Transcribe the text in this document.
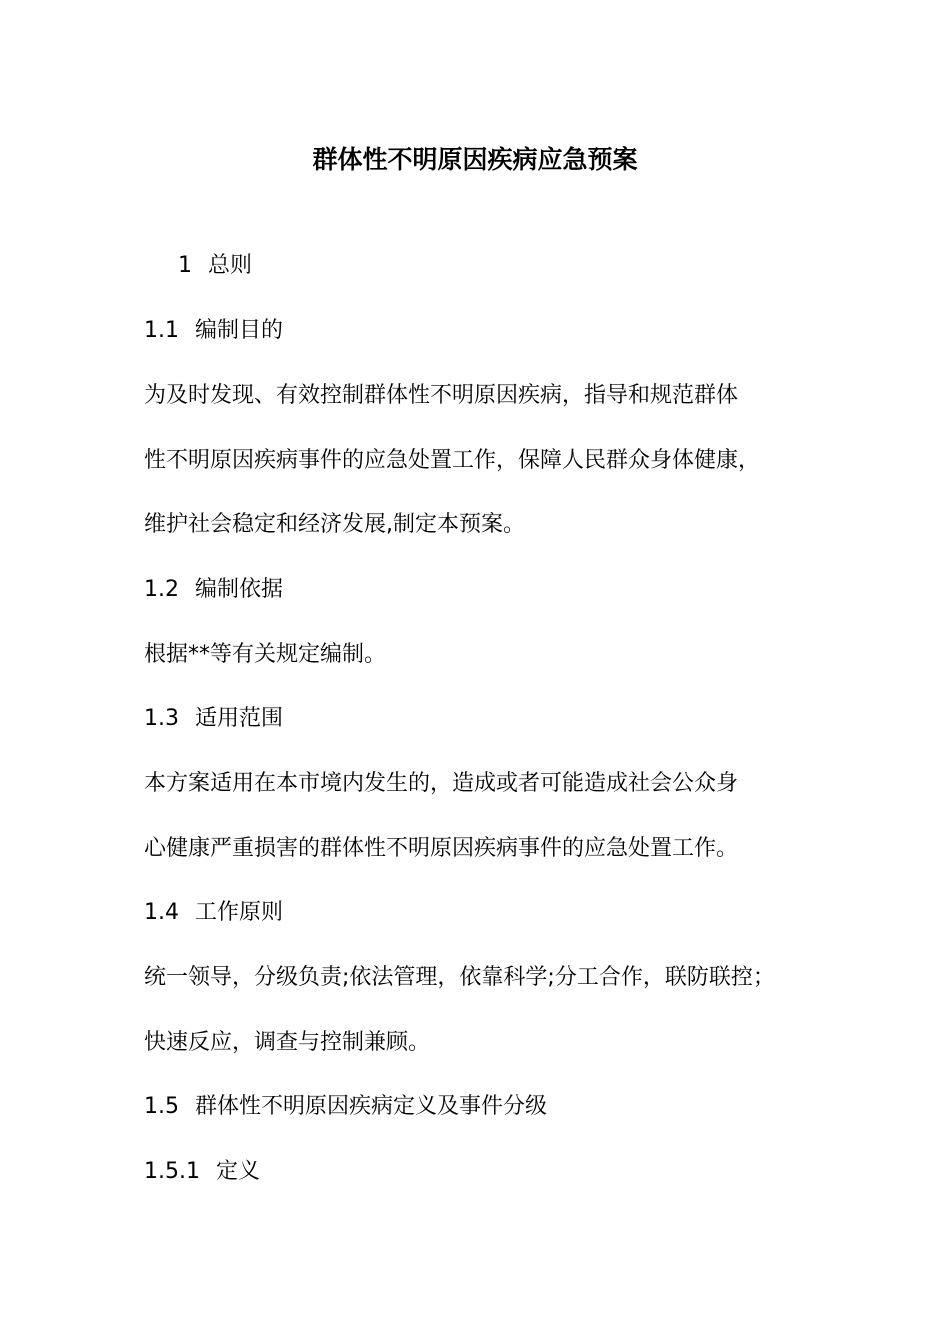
群体性不明原因疾病应急预案
1 总则
1.1 编制目的
为及时发现、有效控制群体性不明原因疾病，指导和规范群体
性不明原因疾病事件的应急处置工作，保障人民群众身体健康，
维护社会稳定和经济发展,制定本预案。
1.2 编制依据
根据**等有关规定编制。
1.3 适用范围
本方案适用在本市境内发生的，造成或者可能造成社会公众身
心健康严重损害的群体性不明原因疾病事件的应急处置工作。
1.4 工作原则
统一领导，分级负责;依法管理，依靠科学;分工合作，联防联控；
快速反应，调查与控制兼顾。
1.5 群体性不明原因疾病定义及事件分级
1.5.1 定义
